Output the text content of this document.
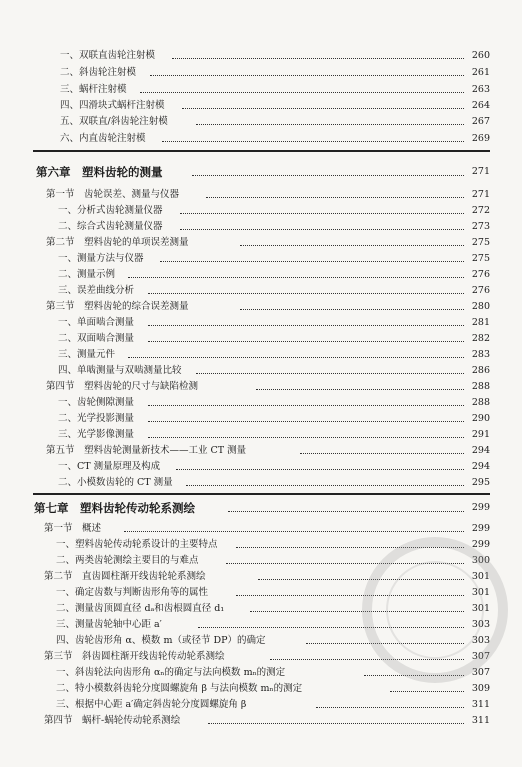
一、双联直齿轮注射模	260
二、斜齿轮注射模	261
三、蜗杆注射模	263
四、四滑块式蜗杆注射模	264
五、双联直/斜齿轮注射模	267
六、内直齿轮注射模	269
第六章　塑料齿轮的测量	271
第一节　齿轮误差、测量与仪器	271
一、分析式齿轮测量仪器	272
二、综合式齿轮测量仪器	273
第二节　塑料齿轮的单项误差测量	275
一、测量方法与仪器	275
二、测量示例	276
三、误差曲线分析	276
第三节　塑料齿轮的综合误差测量	280
一、单面啮合测量	281
二、双面啮合测量	282
三、测量元件	283
四、单啮测量与双啮测量比较	286
第四节　塑料齿轮的尺寸与缺陷检测	288
一、齿轮侧隙测量	288
二、光学投影测量	290
三、光学影像测量	291
第五节　塑料齿轮测量新技术——工业 CT 测量	294
一、CT 测量原理及构成	294
二、小模数齿轮的 CT 测量	295
第七章　塑料齿轮传动轮系测绘	299
第一节　概述	299
一、塑料齿轮传动轮系设计的主要特点	299
二、两类齿轮测绘主要目的与难点	300
第二节　直齿圆柱渐开线齿轮轮系测绘	301
一、确定齿数与判断齿形角等的属性	301
二、测量齿顶圆直径 dₐ和齿根圆直径 d₁	301
三、测量齿轮轴中心距 a′	303
四、齿轮齿形角 α、模数 m（或径节 DP）的确定	303
第三节　斜齿圆柱渐开线齿轮传动轮系测绘	307
一、斜齿轮法向齿形角 αₙ的确定与法向模数 mₙ的测定	307
二、特小模数斜齿轮分度圆螺旋角 β 与法向模数 mₙ的测定	309
三、根据中心距 a′确定斜齿轮分度圆螺旋角 β	311
第四节　蜗杆-蜗轮传动轮系测绘	311
